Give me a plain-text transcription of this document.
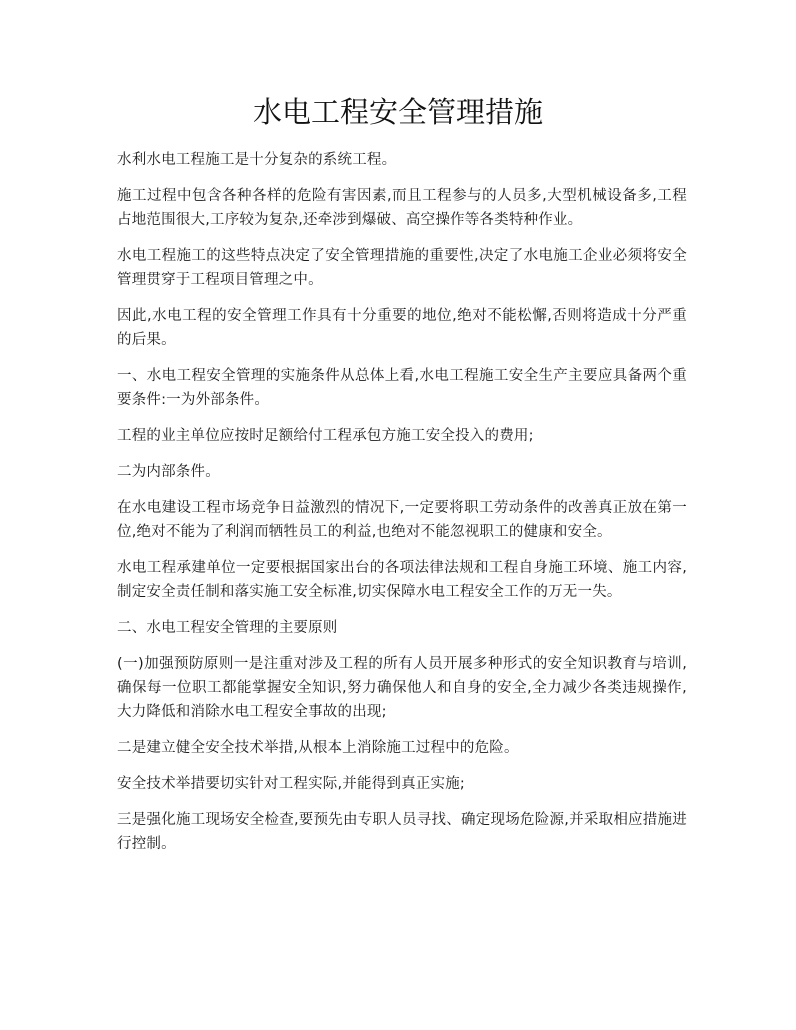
水电工程安全管理措施

水利水电工程施工是十分复杂的系统工程。

施工过程中包含各种各样的危险有害因素,而且工程参与的人员多,大型机械设备多,工程占地范围很大,工序较为复杂,还牵涉到爆破、高空操作等各类特种作业。

水电工程施工的这些特点决定了安全管理措施的重要性,决定了水电施工企业必须将安全管理贯穿于工程项目管理之中。

因此,水电工程的安全管理工作具有十分重要的地位,绝对不能松懈,否则将造成十分严重的后果。

一、水电工程安全管理的实施条件从总体上看,水电工程施工安全生产主要应具备两个重要条件:一为外部条件。

工程的业主单位应按时足额给付工程承包方施工安全投入的费用;

二为内部条件。

在水电建设工程市场竞争日益激烈的情况下,一定要将职工劳动条件的改善真正放在第一位,绝对不能为了利润而牺牲员工的利益,也绝对不能忽视职工的健康和安全。

水电工程承建单位一定要根据国家出台的各项法律法规和工程自身施工环境、施工内容,制定安全责任制和落实施工安全标准,切实保障水电工程安全工作的万无一失。

二、水电工程安全管理的主要原则

(一)加强预防原则一是注重对涉及工程的所有人员开展多种形式的安全知识教育与培训,确保每一位职工都能掌握安全知识,努力确保他人和自身的安全,全力减少各类违规操作,大力降低和消除水电工程安全事故的出现;

二是建立健全安全技术举措,从根本上消除施工过程中的危险。

安全技术举措要切实针对工程实际,并能得到真正实施;

三是强化施工现场安全检查,要预先由专职人员寻找、确定现场危险源,并采取相应措施进行控制。
